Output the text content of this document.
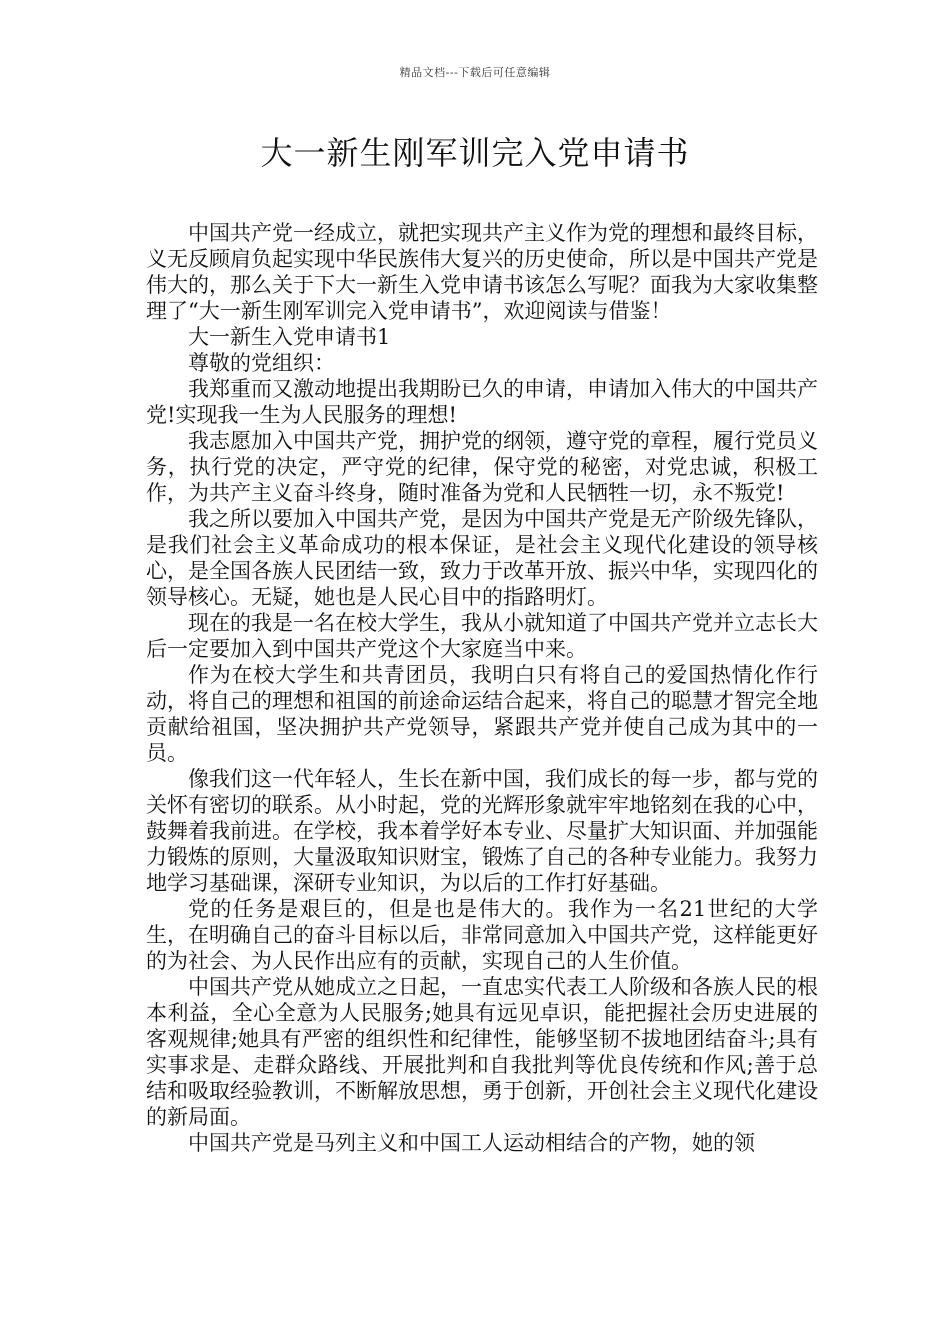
精品文档---下载后可任意编辑
大一新生刚军训完入党申请书

中国共产党一经成立，就把实现共产主义作为党的理想和最终目标，义无反顾肩负起实现中华民族伟大复兴的历史使命，所以是中国共产党是伟大的，那么关于下大一新生入党申请书该怎么写呢？面我为大家收集整理了“大一新生刚军训完入党申请书”，欢迎阅读与借鉴！

大一新生入党申请书1

尊敬的党组织：

我郑重而又激动地提出我期盼已久的申请，申请加入伟大的中国共产党!实现我一生为人民服务的理想!

我志愿加入中国共产党，拥护党的纲领，遵守党的章程，履行党员义务，执行党的决定，严守党的纪律，保守党的秘密，对党忠诚，积极工作，为共产主义奋斗终身，随时准备为党和人民牺牲一切，永不叛党!

我之所以要加入中国共产党，是因为中国共产党是无产阶级先锋队，是我们社会主义革命成功的根本保证，是社会主义现代化建设的领导核心，是全国各族人民团结一致，致力于改革开放、振兴中华，实现四化的领导核心。无疑，她也是人民心目中的指路明灯。

现在的我是一名在校大学生，我从小就知道了中国共产党并立志长大后一定要加入到中国共产党这个大家庭当中来。

作为在校大学生和共青团员，我明白只有将自己的爱国热情化作行动，将自己的理想和祖国的前途命运结合起来，将自己的聪慧才智完全地贡献给祖国，坚决拥护共产党领导，紧跟共产党并使自己成为其中的一员。

像我们这一代年轻人，生长在新中国，我们成长的每一步，都与党的关怀有密切的联系。从小时起，党的光辉形象就牢牢地铭刻在我的心中，鼓舞着我前进。在学校，我本着学好本专业、尽量扩大知识面、并加强能力锻炼的原则，大量汲取知识财宝，锻炼了自己的各种专业能力。我努力地学习基础课，深研专业知识，为以后的工作打好基础。

党的任务是艰巨的，但是也是伟大的。我作为一名21世纪的大学生，在明确自己的奋斗目标以后，非常同意加入中国共产党，这样能更好的为社会、为人民作出应有的贡献，实现自己的人生价值。

中国共产党从她成立之日起，一直忠实代表工人阶级和各族人民的根本利益，全心全意为人民服务;她具有远见卓识，能把握社会历史进展的客观规律;她具有严密的组织性和纪律性，能够坚韧不拔地团结奋斗;具有实事求是、走群众路线、开展批判和自我批判等优良传统和作风;善于总结和吸取经验教训，不断解放思想，勇于创新，开创社会主义现代化建设的新局面。

中国共产党是马列主义和中国工人运动相结合的产物，她的领
